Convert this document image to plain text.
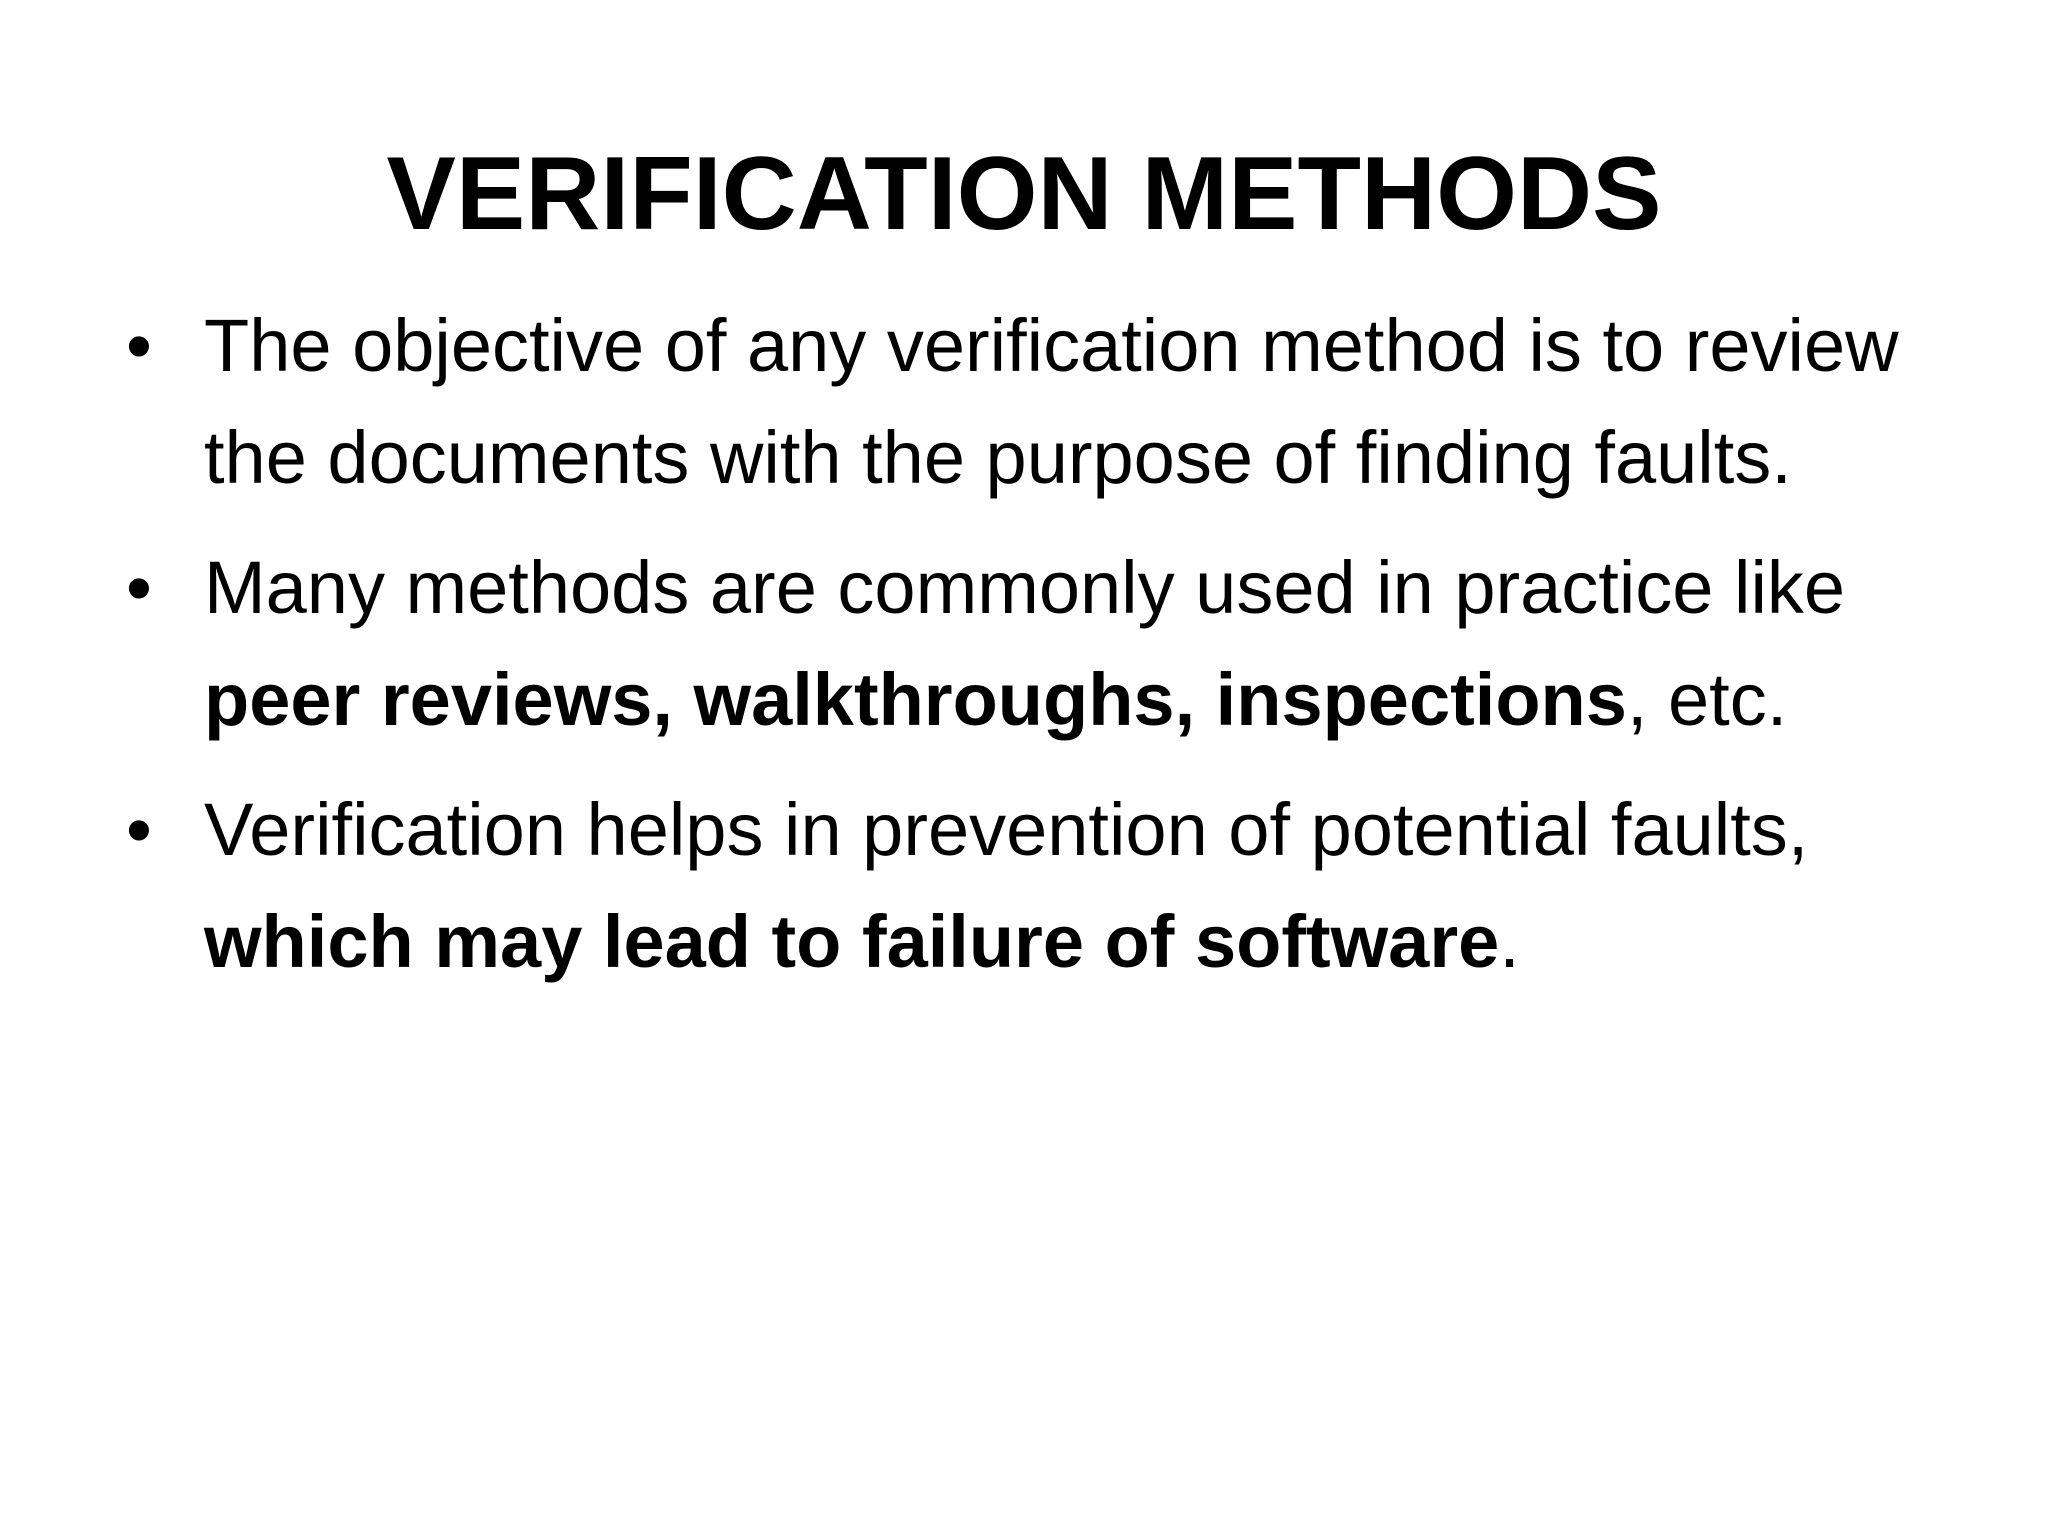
VERIFICATION METHODS
• The objective of any verification method is to review the documents with the purpose of finding faults.
• Many methods are commonly used in practice like peer reviews, walkthroughs, inspections, etc.
• Verification helps in prevention of potential faults, which may lead to failure of software.
